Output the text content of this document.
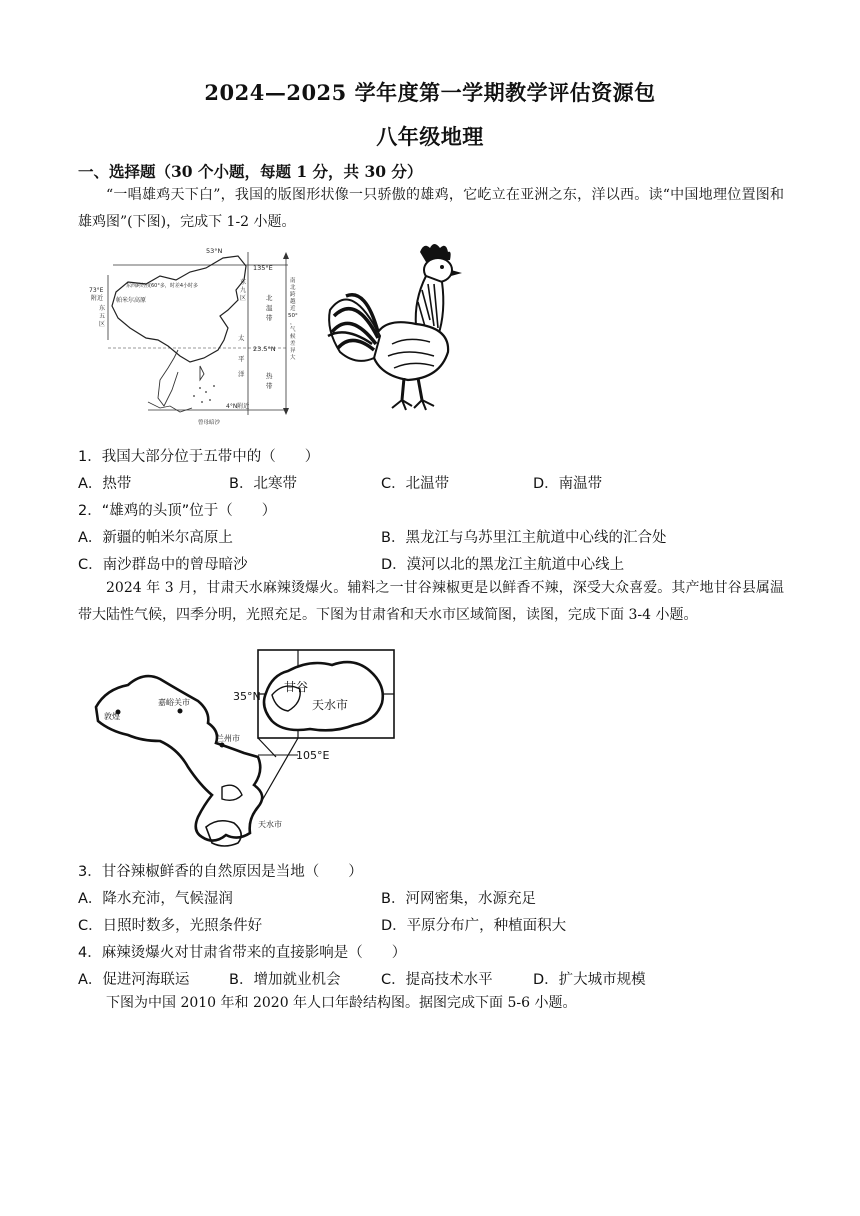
2024—2025 学年度第一学期教学评估资源包
八年级地理
一、选择题（30 个小题，每题 1 分，共 30 分）
“一唱雄鸡天下白”，我国的版图形状像一只骄傲的雄鸡，它屹立在亚洲之东，洋以西。读“中国地理位置图和雄鸡图”(下图)，完成下 1-2 小题。
53°N
135°E
73°E
附近
东
五
区
帕米尔高原
东西跨经度60°多，时差4小时多	东
九
区	北
温
带
南
北
跨
越
近
50°
，
气
候
差
异
大
23.5°N
太
平
洋	热
带
4°N附近
曾母暗沙
1．我国大部分位于五带中的（　　）
A．热带	B．北寒带	C．北温带	D．南温带
2．“雄鸡的头顶”位于（　　）
A．新疆的帕米尔高原上	B．黑龙江与乌苏里江主航道中心线的汇合处
C．南沙群岛中的曾母暗沙	D．漠河以北的黑龙江主航道中心线上
2024 年 3 月，甘肃天水麻辣烫爆火。辅料之一甘谷辣椒更是以鲜香不辣，深受大众喜爱。其产地甘谷县属温带大陆性气候，四季分明，光照充足。下图为甘肃省和天水市区域简图，读图，完成下面 3-4 小题。
35°N
甘谷
天水市
105°E
敦煌
嘉峪关市
兰州市
天水市
3．甘谷辣椒鲜香的自然原因是当地（　　）
A．降水充沛，气候湿润	B．河网密集，水源充足
C．日照时数多，光照条件好	D．平原分布广，种植面积大
4．麻辣烫爆火对甘肃省带来的直接影响是（　　）
A．促进河海联运	B．增加就业机会	C．提高技术水平	D．扩大城市规模
下图为中国 2010 年和 2020 年人口年龄结构图。据图完成下面 5-6 小题。
